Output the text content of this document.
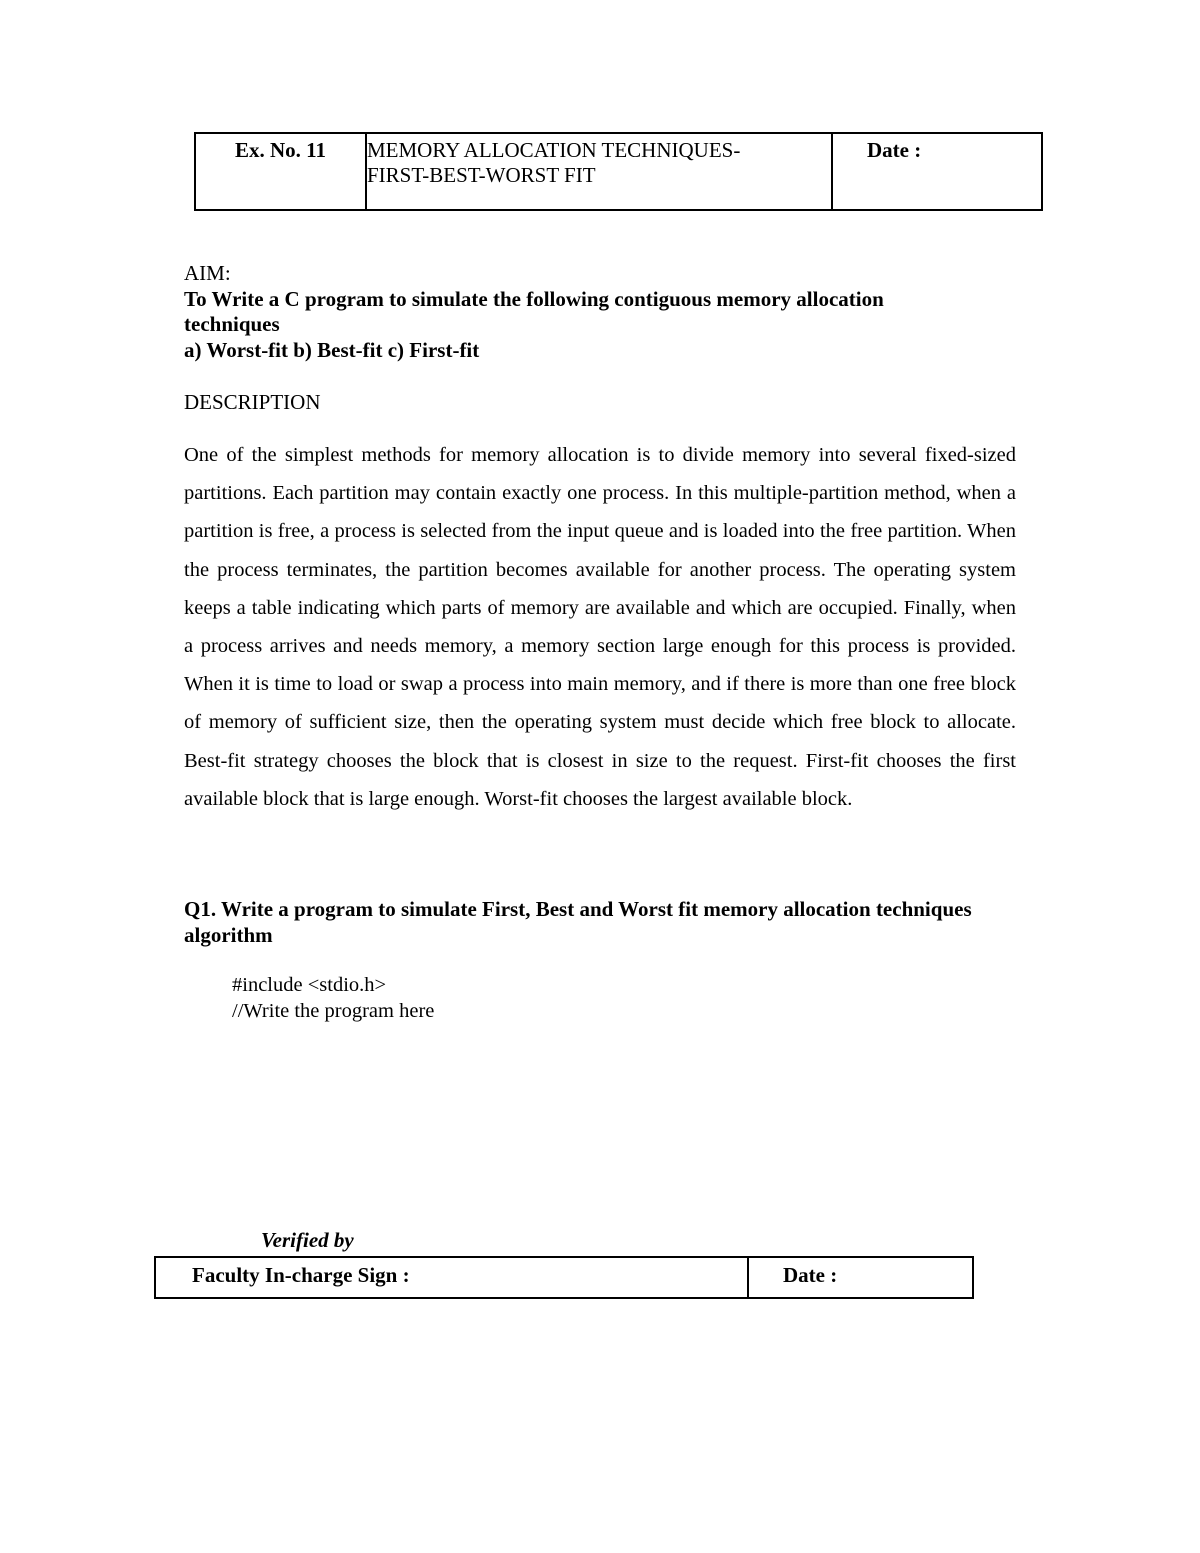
Ex. No. 11	MEMORY ALLOCATION TECHNIQUES-
FIRST-BEST-WORST FIT
Date :
AIM:
To Write a C program to simulate the following contiguous memory allocation
techniques
a) Worst-fit b) Best-fit c) First-fit
DESCRIPTION

One of the simplest methods for memory allocation is to divide memory into several fixed-sized partitions. Each partition may contain exactly one process. In this multiple-partition method, when a partition is free, a process is selected from the input queue and is loaded into the free partition. When the process terminates, the partition becomes available for another process. The operating system keeps a table indicating which parts of memory are available and which are occupied. Finally, when a process arrives and needs memory, a memory section large enough for this process is provided. When it is time to load or swap a process into main memory, and if there is more than one free block of memory of sufficient size, then the operating system must decide which free block to allocate. Best-fit strategy chooses the block that is closest in size to the request. First-fit chooses the first available block that is large enough. Worst-fit chooses the largest available block.

Q1. Write a program to simulate First, Best and Worst fit memory allocation techniques algorithm
#include <stdio.h>
//Write the program here
Verified by
Faculty In-charge Sign :	Date :
